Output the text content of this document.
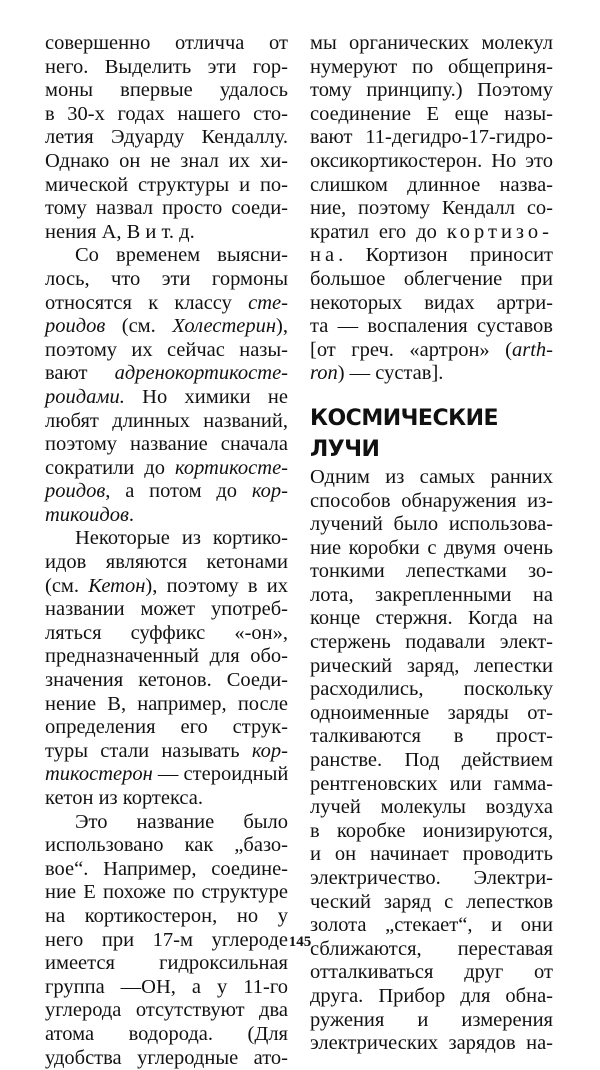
совершенно отличча от
него. Выделить эти гор-
моны впервые удалось
в 30-х годах нашего сто-
летия Эдуарду Кендаллу.
Однако он не знал их хи-
мической структуры и по-
тому назвал просто соеди-
нения А, В и т. д.
Со временем выясни-
лось, что эти гормоны
относятся к классу сте-
роидов (см. Холестерин),
поэтому их сейчас назы-
вают адренокортикосте-
роидами. Но химики не
любят длинных названий,
поэтому название сначала
сократили до кортикосте-
роидов, а потом до кор-
тикоидов.
Некоторые из кортико-
идов являются кетонами
(см. Кетон), поэтому в их
названии может употреб-
ляться суффикс «-он»,
предназначенный для обо-
значения кетонов. Соеди-
нение В, например, после
определения его струк-
туры стали называть кор-
тикостерон — стероидный
кетон из кортекса.
Это название было
использовано как „базо-
вое“. Например, соедине-
ние Е похоже по структуре
на кортикостерон, но у
него при 17-м углероде
имеется гидроксильная
группа —ОН, а у 11-го
углерода отсутствуют два
атома водорода. (Для
удобства углеродные ато-
мы органических молекул
нумеруют по общеприня-
тому принципу.) Поэтому
соединение Е еще назы-
вают 11-дегидро-17-гидро-
оксикортикостерон. Но это
слишком длинное назва-
ние, поэтому Кендалл со-
кратил его до кортизо-
на. Кортизон приносит
большое облегчение при
некоторых видах артри-
та — воспаления суставов
[от греч. «артрон» (arth-
ron) — сустав].
КОСМИЧЕСКИЕ
ЛУЧИ
Одним из самых ранних
способов обнаружения из-
лучений было использова-
ние коробки с двумя очень
тонкими лепестками зо-
лота, закрепленными на
конце стержня. Когда на
стержень подавали элект-
рический заряд, лепестки
расходились, поскольку
одноименные заряды от-
талкиваются в прост-
ранстве. Под действием
рентгеновских или гамма-
лучей молекулы воздуха
в коробке ионизируются,
и он начинает проводить
электричество. Электри-
ческий заряд с лепестков
золота „стекает“, и они
сближаются, переставая
отталкиваться друг от
друга. Прибор для обна-
ружения и измерения
электрических зарядов на-
145
